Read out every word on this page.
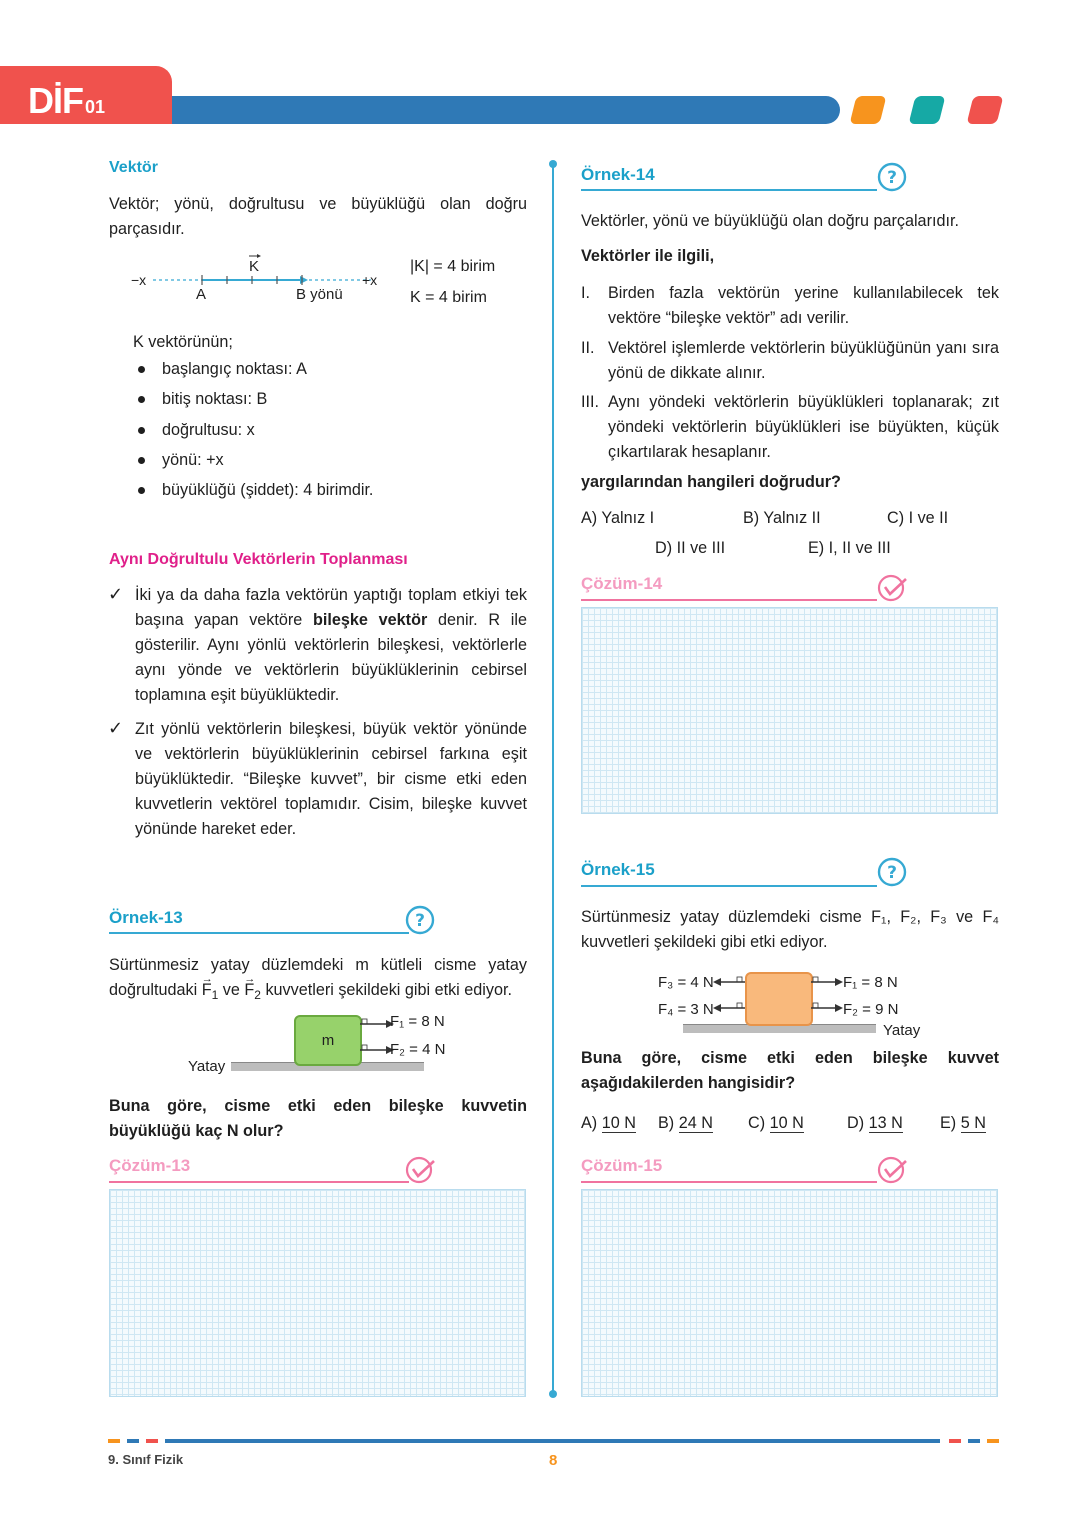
DİF 01
Vektör
Vektör; yönü, doğrultusu ve büyüklüğü olan doğru parçasıdır.
−x	+x
K
A	B yönü
|K| = 4 birim
K = 4 birim
K vektörünün;
başlangıç noktası: A
bitiş noktası: B
doğrultusu: x
yönü: +x
büyüklüğü (şiddet): 4 birimdir.
Aynı Doğrultulu Vektörlerin Toplanması
✓ İki ya da daha fazla vektörün yaptığı toplam etkiyi tek başına yapan vektöre bileşke vektör denir. R ile gösterilir. Aynı yönlü vektörlerin bileşkesi, vektörlerle aynı yönde ve vektörlerin büyüklüklerinin cebirsel toplamına eşit büyüklüktedir.
✓ Zıt yönlü vektörlerin bileşkesi, büyük vektör yönünde ve vektörlerin büyüklüklerinin cebirsel farkına eşit büyüklüktedir. “Bileşke kuvvet”, bir cisme etki eden kuvvetlerin vektörel toplamıdır. Cisim, bileşke kuvvet yönünde hareket eder.
Örnek-13	?
Sürtünmesiz yatay düzlemdeki m kütleli cisme yatay doğrultudaki → $F_1$ ve → $F_2$ kuvvetleri şekildeki gibi etki ediyor.
Yatay
m
F₁ = 8 N
F₂ = 4 N
Buna göre, cisme etki eden bileşke kuvvetin büyüklüğü kaç N olur?
Çözüm-13
Örnek-14	?
Vektörler, yönü ve büyüklüğü olan doğru parçalarıdır.
Vektörler ile ilgili,
I. Birden fazla vektörün yerine kullanılabilecek tek vektöre “bileşke vektör” adı verilir.
II. Vektörel işlemlerde vektörlerin büyüklüğünün yanı sıra yönü de dikkate alınır.
III. Aynı yöndeki vektörlerin büyüklükleri toplanarak; zıt yöndeki vektörlerin büyüklükleri ise büyükten, küçük çıkartılarak hesaplanır.
yargılarından hangileri doğrudur?
A) Yalnız I	B) Yalnız II	C) I ve II
D) II ve III	E) I, II ve III
Çözüm-14
Örnek-15	?
Sürtünmesiz yatay düzlemdeki cisme F₁, F₂, F₃ ve F₄ kuvvetleri şekildeki gibi etki ediyor.
Yatay
F₃ = 4 N
F₄ = 3 N
F₁ = 8 N
F₂ = 9 N
Buna göre, cisme etki eden bileşke kuvvet aşağıdakilerden hangisidir?
A) 10 N B) 24 N C) 10 N	D) 13 N E) 5 N
Çözüm-15
9. Sınıf Fizik	8
